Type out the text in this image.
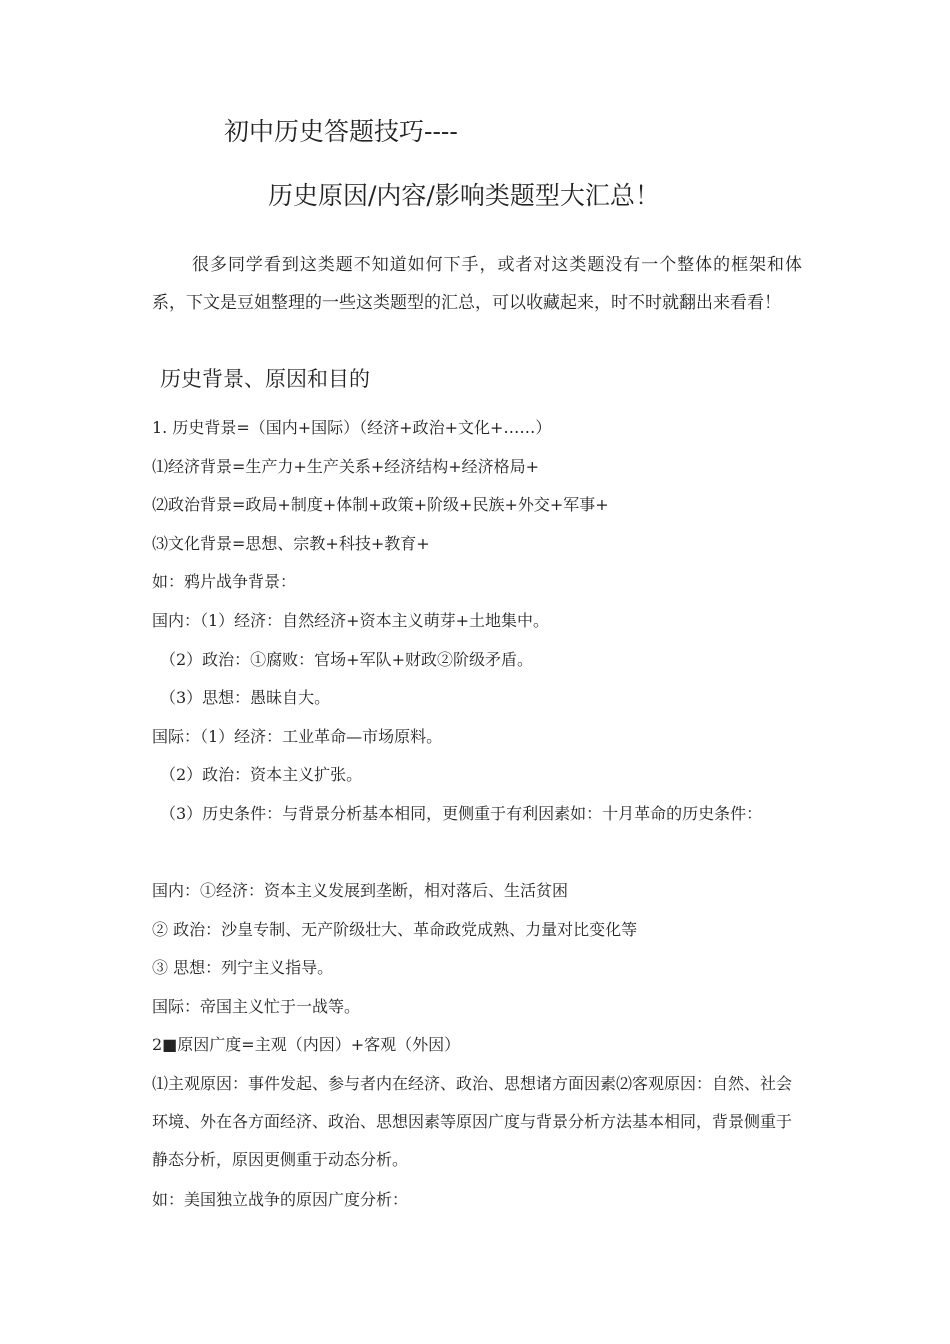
初中历史答题技巧----
历史原因/内容/影响类题型大汇总！
很多同学看到这类题不知道如何下手，或者对这类题没有一个整体的框架和体系，下文是豆姐整理的一些这类题型的汇总，可以收藏起来，时不时就翻出来看看！
历史背景、原因和目的
1. 历史背景=（国内+国际）（经济+政治+文化+……）
⑴经济背景=生产力+生产关系+经济结构+经济格局+
⑵政治背景=政局+制度+体制+政策+阶级+民族+外交+军事+
⑶文化背景=思想、宗教+科技+教育+
如：鸦片战争背景：
国内：（1）经济：自然经济+资本主义萌芽+土地集中。
（2）政治：①腐败：官场+军队+财政②阶级矛盾。
（3）思想：愚昧自大。
国际：（1）经济：工业革命—市场原料。
（2）政治：资本主义扩张。
（3）历史条件：与背景分析基本相同，更侧重于有利因素如：十月革命的历史条件：
国内：①经济：资本主义发展到垄断，相对落后、生活贫困
② 政治：沙皇专制、无产阶级壮大、革命政党成熟、力量对比变化等
③ 思想：列宁主义指导。
国际：帝国主义忙于一战等。
2■原因广度=主观（内因）+客观（外因）
⑴主观原因：事件发起、参与者内在经济、政治、思想诸方面因素⑵客观原因：自然、社会环境、外在各方面经济、政治、思想因素等原因广度与背景分析方法基本相同，背景侧重于静态分析，原因更侧重于动态分析。
如：美国独立战争的原因广度分析：
